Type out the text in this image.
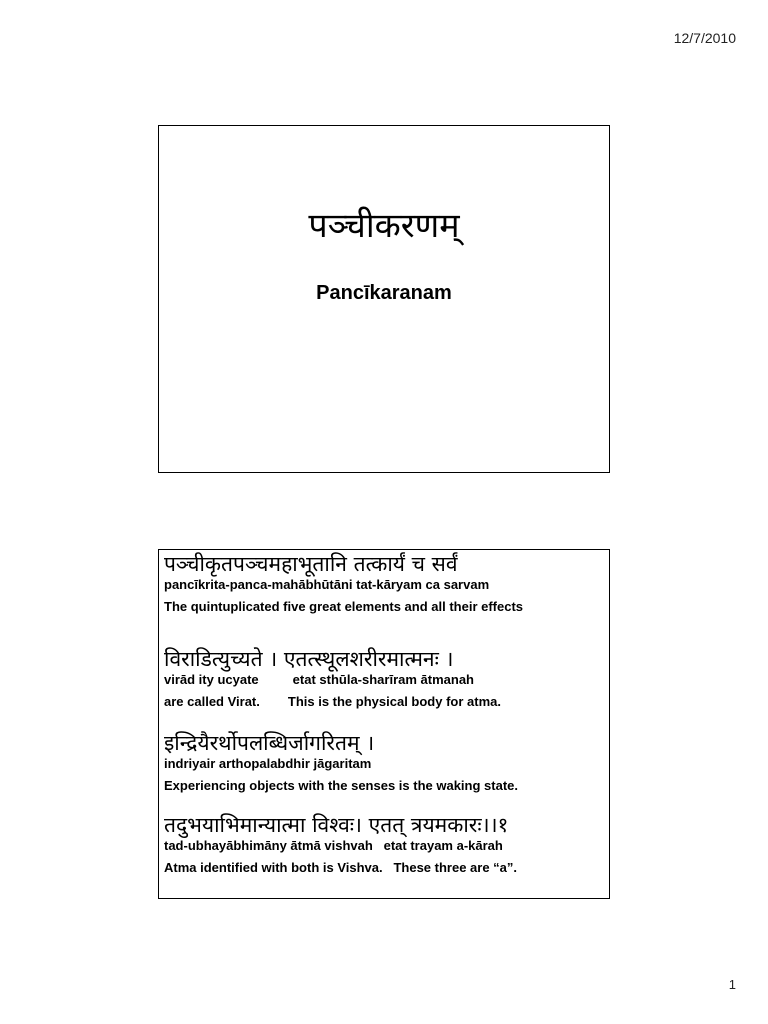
12/7/2010
पञ्चीकरणम्
Pancīkaranam
पञ्चीकृतपञ्चमहाभूतानि तत्कार्यं च सर्वं
pancīkrita-panca-mahābhūtāni tat-kāryam ca sarvam
The quintuplicated five great elements and all their effects
विराडित्युच्यते । एतत्स्थूलशरीरमात्मनः ।
virād ity ucyate	etat sthūla-sharīram ātmanah
are called Virat. This is the physical body for atma.
इन्द्रियैरर्थोपलब्धिर्जागरितम् ।
indriyair arthopalabdhir jāgaritam
Experiencing objects with the senses is the waking state.
तदुभयाभिमान्यात्मा विश्वः। एतत् त्रयमकारः।।१
tad-ubhayābhimāny ātmā vishvah   etat trayam a-kārah
Atma identified with both is Vishva.   These three are “a”.
1
